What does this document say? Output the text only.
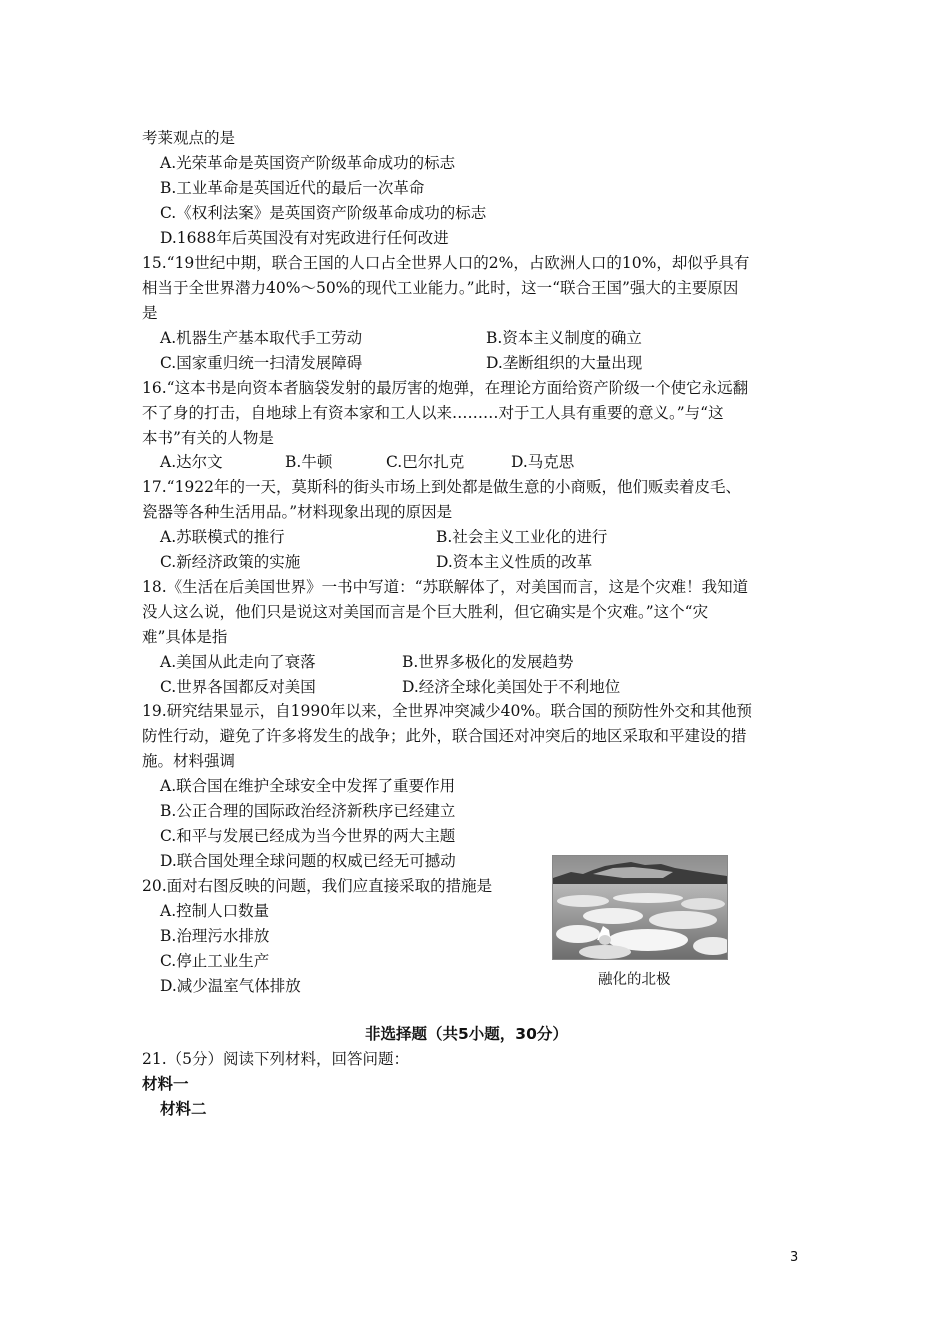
考莱观点的是
A.光荣革命是英国资产阶级革命成功的标志
B.工业革命是英国近代的最后一次革命
C.《权利法案》是英国资产阶级革命成功的标志
D.1688年后英国没有对宪政进行任何改进
15.“19世纪中期，联合王国的人口占全世界人口的2%，占欧洲人口的10%，却似乎具有
相当于全世界潜力40%～50%的现代工业能力。”此时，这一“联合王国”强大的主要原因
是
A.机器生产基本取代手工劳动	B.资本主义制度的确立
C.国家重归统一扫清发展障碍	D.垄断组织的大量出现
16.“这本书是向资本者脑袋发射的最厉害的炮弹，在理论方面给资产阶级一个使它永远翻
不了身的打击，自地球上有资本家和工人以来………对于工人具有重要的意义。”与“这
本书”有关的人物是
A.达尔文	B.牛顿	C.巴尔扎克	D.马克思
17.“1922年的一天，莫斯科的街头市场上到处都是做生意的小商贩，他们贩卖着皮毛、
瓷器等各种生活用品。”材料现象出现的原因是
A.苏联模式的推行	B.社会主义工业化的进行
C.新经济政策的实施	D.资本主义性质的改革
18.《生活在后美国世界》一书中写道：“苏联解体了，对美国而言，这是个灾难！我知道
没人这么说，他们只是说这对美国而言是个巨大胜利，但它确实是个灾难。”这个“灾
难”具体是指
A.美国从此走向了衰落	B.世界多极化的发展趋势
C.世界各国都反对美国	D.经济全球化美国处于不利地位
19.研究结果显示，自1990年以来，全世界冲突减少40%。联合国的预防性外交和其他预
防性行动，避免了许多将发生的战争；此外，联合国还对冲突后的地区采取和平建设的措
施。材料强调
A.联合国在维护全球安全中发挥了重要作用
B.公正合理的国际政治经济新秩序已经建立
C.和平与发展已经成为当今世界的两大主题
D.联合国处理全球问题的权威已经无可撼动
20.面对右图反映的问题，我们应直接采取的措施是
A.控制人口数量
B.治理污水排放
C.停止工业生产
D.减少温室气体排放	融化的北极
非选择题（共5小题，30分）
21.（5分）阅读下列材料，回答问题：
材料一
材料二
3
